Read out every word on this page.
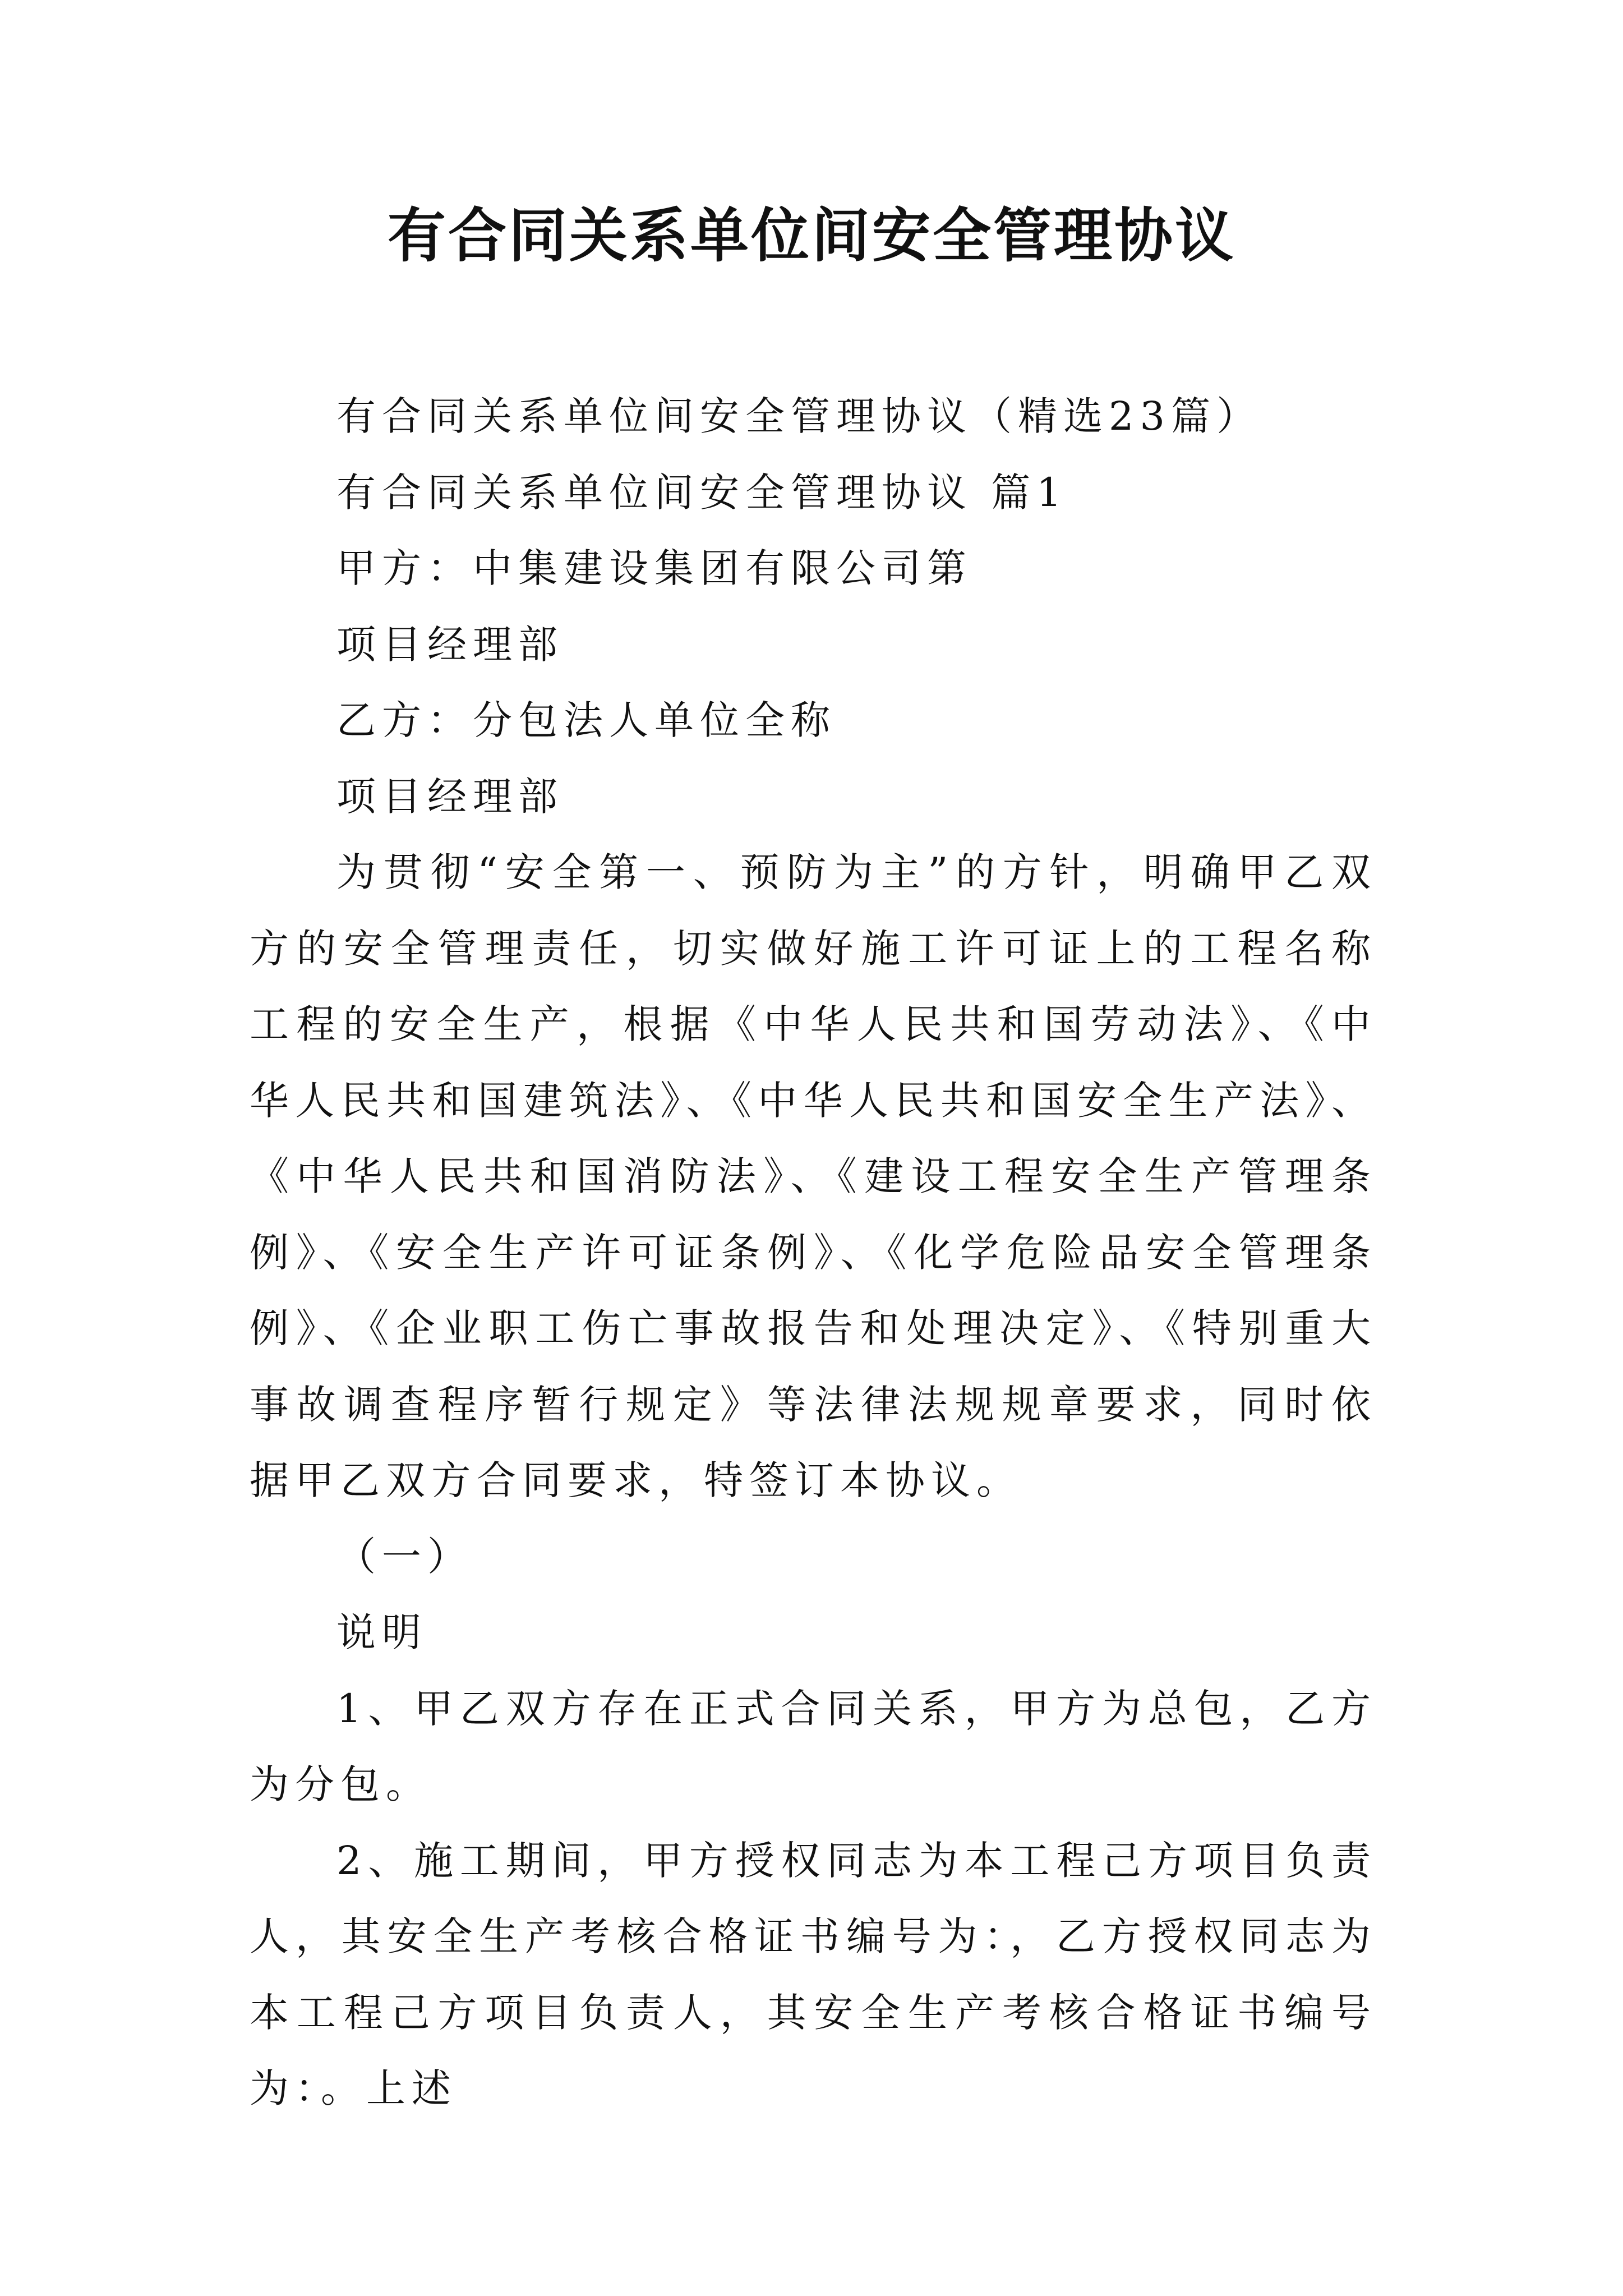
有合同关系单位间安全管理协议

有合同关系单位间安全管理协议（精选23篇）

有合同关系单位间安全管理协议 篇1

甲方：中集建设集团有限公司第

项目经理部

乙方：分包法人单位全称

项目经理部

为贯彻“安全第一、预防为主”的方针，明确甲乙双方的安全管理责任，切实做好施工许可证上的工程名称工程的安全生产，根据《中华人民共和国劳动法》、《中华人民共和国建筑法》、《中华人民共和国安全生产法》、《中华人民共和国消防法》、《建设工程安全生产管理条例》、《安全生产许可证条例》、《化学危险品安全管理条例》、《企业职工伤亡事故报告和处理决定》、《特别重大事故调查程序暂行规定》等法律法规规章要求，同时依据甲乙双方合同要求，特签订本协议。

（一）

说明

1、甲乙双方存在正式合同关系，甲方为总包，乙方为分包。

2、施工期间，甲方授权同志为本工程己方项目负责人，其安全生产考核合格证书编号为：，乙方授权同志为本工程己方项目负责人，其安全生产考核合格证书编号为：。上述
